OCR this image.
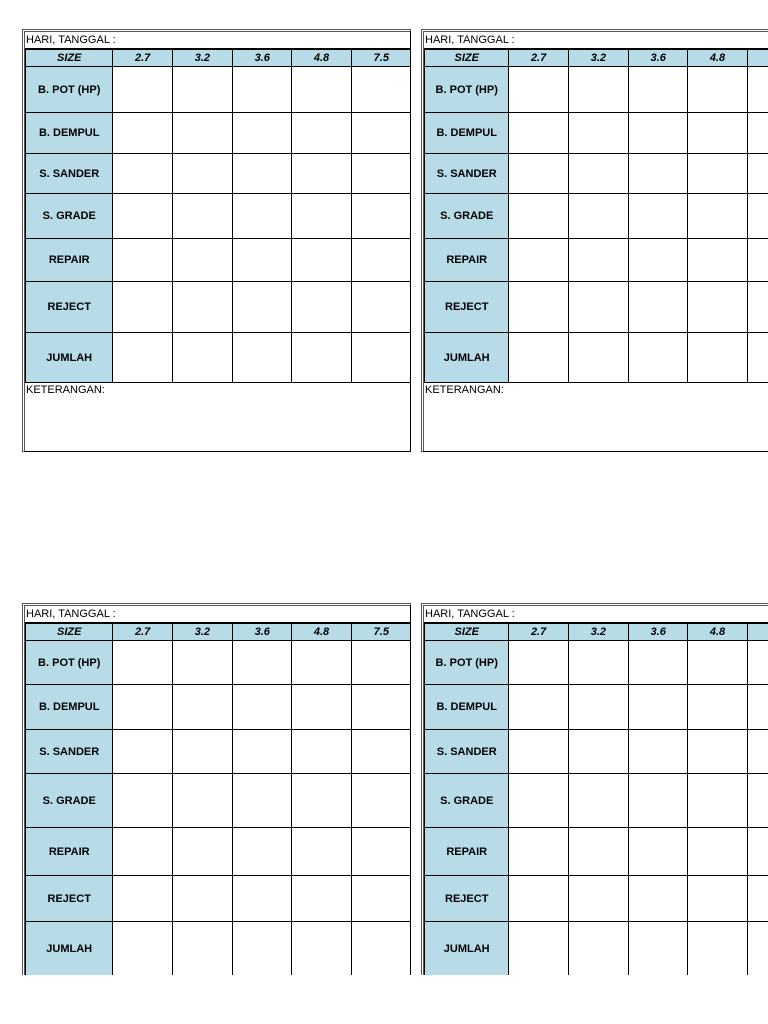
HARI, TANGGAL :
SIZE	2.7	3.2	3.6	4.8	7.5
B. POT (HP)					
B. DEMPUL					
S. SANDER					
S. GRADE					
REPAIR					
REJECT					
JUMLAH					
KETERANGAN:
HARI, TANGGAL :
SIZE	2.7	3.2	3.6	4.8	
B. POT (HP)					
B. DEMPUL					
S. SANDER					
S. GRADE					
REPAIR					
REJECT					
JUMLAH					
KETERANGAN:
HARI, TANGGAL :
SIZE	2.7	3.2	3.6	4.8	7.5
B. POT (HP)					
B. DEMPUL					
S. SANDER					
S. GRADE					
REPAIR					
REJECT					
JUMLAH					
HARI, TANGGAL :
SIZE	2.7	3.2	3.6	4.8	
B. POT (HP)					
B. DEMPUL					
S. SANDER					
S. GRADE					
REPAIR					
REJECT					
JUMLAH					
